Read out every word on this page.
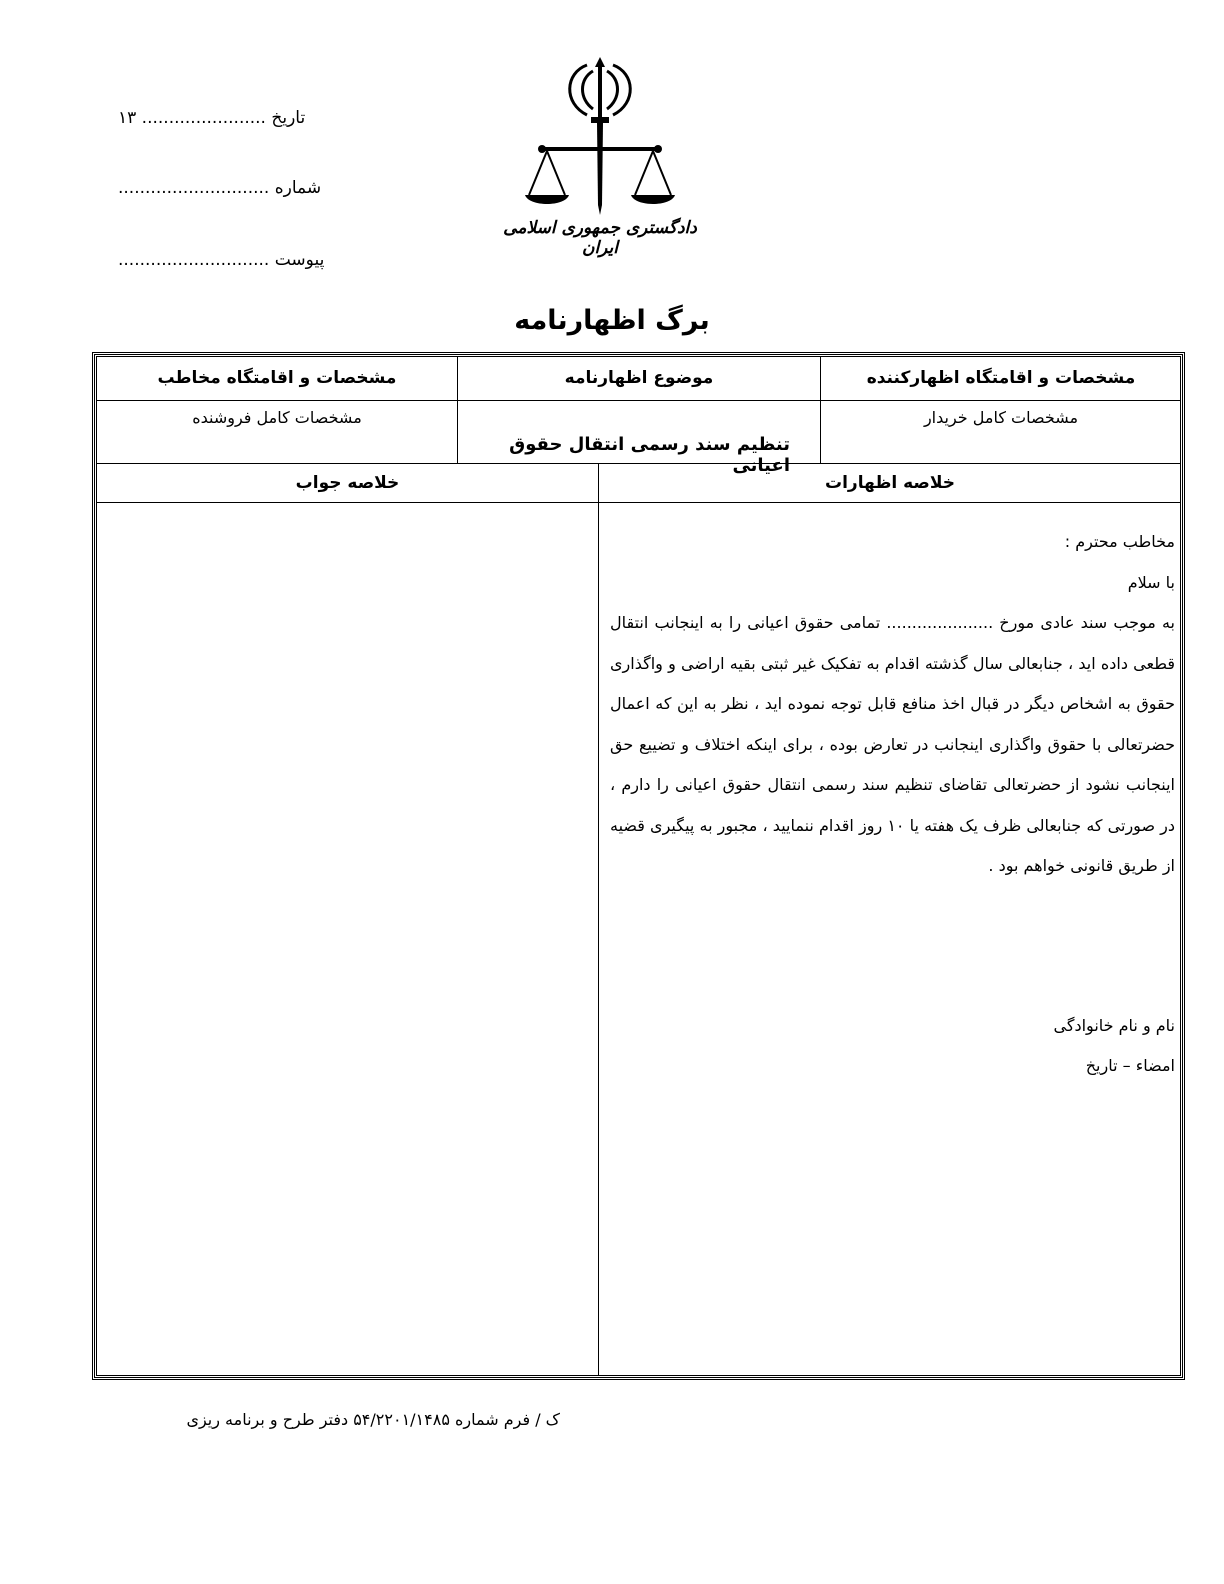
تاریخ ....................... ۱۳
شماره ............................
پیوست ............................
دادگستری جمهوری اسلامی ایران
برگ اظهارنامه
مشخصات و اقامتگاه اظهارکننده
موضوع اظهارنامه
مشخصات و اقامتگاه مخاطب
مشخصات کامل خریدار
تنظیم سند رسمی انتقال حقوق اعیانی
مشخصات کامل فروشنده
خلاصه اظهارات
خلاصه جواب

مخاطب محترم :

با سلام

به موجب سند عادی مورخ ..................... تمامی حقوق اعیانی را به اینجانب انتقال قطعی داده اید ، جنابعالی سال گذشته اقدام به تفکیک غیر ثبتی بقیه اراضی و واگذاری حقوق به اشخاص دیگر در قبال اخذ منافع قابل توجه نموده اید ، نظر به این که اعمال حضرتعالی با حقوق واگذاری اینجانب در تعارض بوده ، برای اینکه اختلاف و تضییع حق اینجانب نشود از حضرتعالی تقاضای تنظیم سند رسمی انتقال حقوق اعیانی را دارم ، در صورتی که جنابعالی ظرف یک هفته یا ۱۰ روز اقدام ننمایید ، مجبور به پیگیری قضیه از طریق قانونی خواهم بود .

نام و نام خانوادگی
امضاء – تاریخ
ک / فرم شماره ۵۴/۲۲۰۱/۱۴۸۵ دفتر طرح و برنامه ریزی
